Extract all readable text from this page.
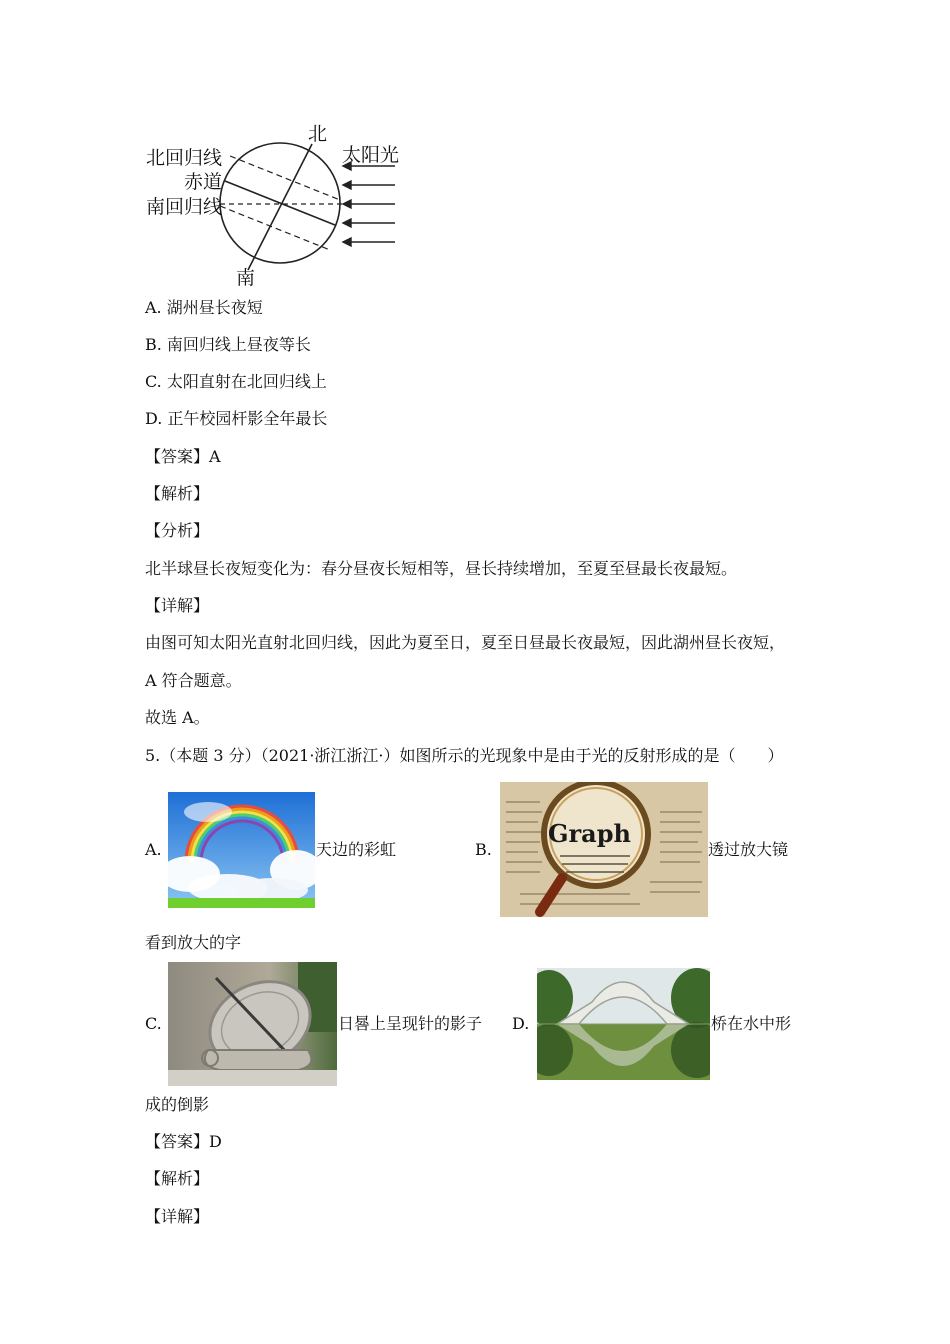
北
南
北回归线
赤道
南回归线
太阳光
A. 湖州昼长夜短
B. 南回归线上昼夜等长
C. 太阳直射在北回归线上
D. 正午校园杆影全年最长
【答案】A
【解析】
【分析】
北半球昼长夜短变化为：春分昼夜长短相等，昼长持续增加，至夏至昼最长夜最短。
【详解】
由图可知太阳光直射北回归线，因此为夏至日，夏至日昼最长夜最短，因此湖州昼长夜短，
A 符合题意。
故选 A。
5.（本题 3 分）（2021·浙江浙江·）如图所示的光现象中是由于光的反射形成的是（　　）
A.	天边的彩虹	B.
Graph
透过放大镜
看到放大的字
C.	日晷上呈现针的影子 D.	桥在水中形
成的倒影
【答案】D
【解析】
【详解】
